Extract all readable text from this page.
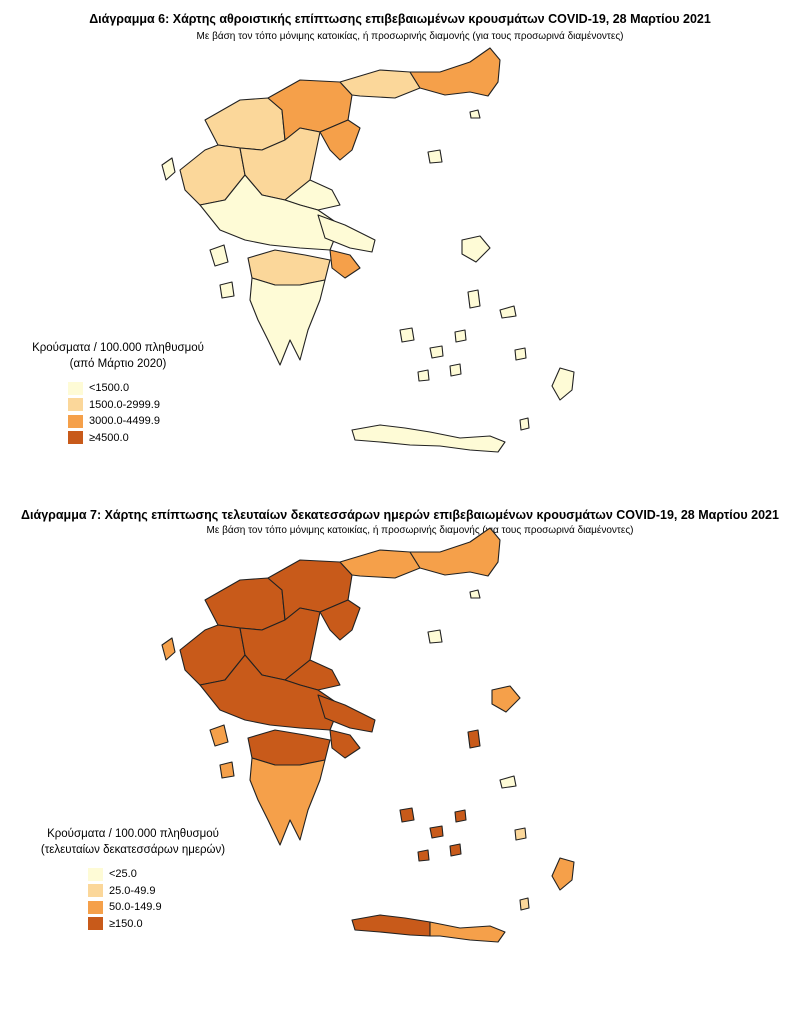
Διάγραμμα 6: Χάρτης αθροιστικής επίπτωσης επιβεβαιωμένων κρουσμάτων COVID-19, 28 Μαρτίου 2021
Με βάση τον τόπο μόνιμης κατοικίας, ή προσωρινής διαμονής (για τους προσωρινά διαμένοντες)
Κρούσματα / 100.000 πληθυσμού
(από Μάρτιο 2020)
<1500.0
1500.0-2999.9
3000.0-4499.9
≥4500.0
Διάγραμμα 7: Χάρτης επίπτωσης τελευταίων δεκατεσσάρων ημερών επιβεβαιωμένων κρουσμάτων COVID-19, 28 Μαρτίου 2021
Με βάση τον τόπο μόνιμης κατοικίας, ή προσωρινής διαμονής (για τους προσωρινά διαμένοντες)
Κρούσματα / 100.000 πληθυσμού
(τελευταίων δεκατεσσάρων ημερών)
<25.0
25.0-49.9
50.0-149.9
≥150.0
